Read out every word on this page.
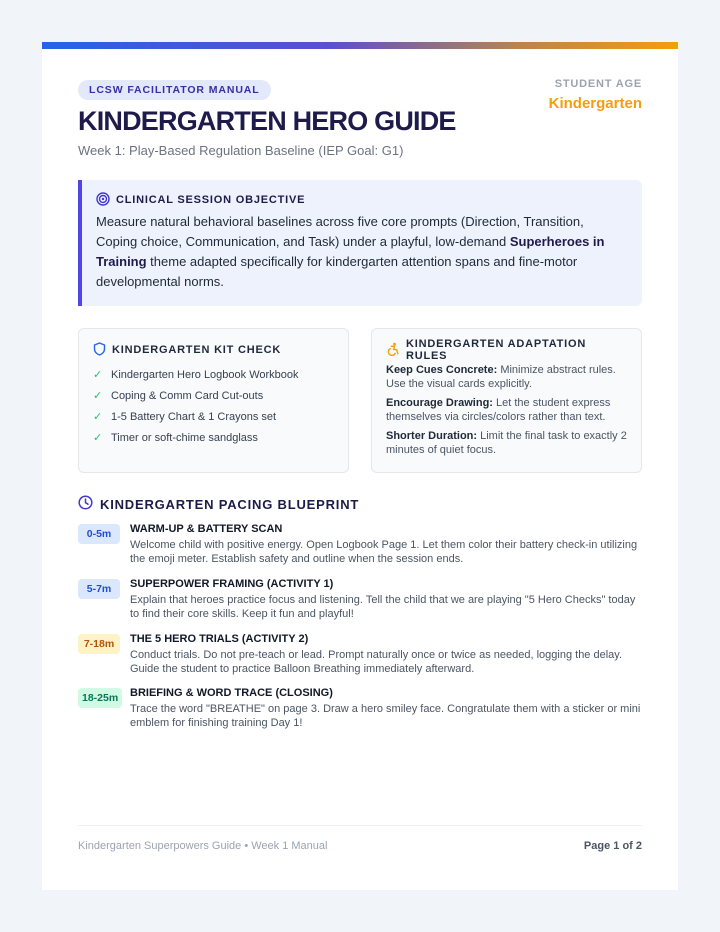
LCSW FACILITATOR MANUAL
KINDERGARTEN HERO GUIDE
Week 1: Play-Based Regulation Baseline (IEP Goal: G1)
STUDENT AGE
Kindergarten
CLINICAL SESSION OBJECTIVE
Measure natural behavioral baselines across five core prompts (Direction, Transition, Coping choice, Communication, and Task) under a playful, low-demand Superheroes in Training theme adapted specifically for kindergarten attention spans and fine-motor developmental norms.
KINDERGARTEN KIT CHECK
✓ Kindergarten Hero Logbook Workbook
✓ Coping & Comm Card Cut-outs
✓ 1-5 Battery Chart & 1 Crayons set
✓ Timer or soft-chime sandglass
KINDERGARTEN ADAPTATION RULES
Keep Cues Concrete: Minimize abstract rules. Use the visual cards explicitly.
Encourage Drawing: Let the student express themselves via circles/colors rather than text.
Shorter Duration: Limit the final task to exactly 2 minutes of quiet focus.
KINDERGARTEN PACING BLUEPRINT
0-5m	WARM-UP & BATTERY SCAN
Welcome child with positive energy. Open Logbook Page 1. Let them color their battery check-in utilizing the emoji meter. Establish safety and outline when the session ends.
5-7m	SUPERPOWER FRAMING (ACTIVITY 1)
Explain that heroes practice focus and listening. Tell the child that we are playing "5 Hero Checks" today to find their core skills. Keep it fun and playful!
7-18m	THE 5 HERO TRIALS (ACTIVITY 2)
Conduct trials. Do not pre-teach or lead. Prompt naturally once or twice as needed, logging the delay. Guide the student to practice Balloon Breathing immediately afterward.
18-25m	BRIEFING & WORD TRACE (CLOSING)
Trace the word "BREATHE" on page 3. Draw a hero smiley face. Congratulate them with a sticker or mini emblem for finishing training Day 1!
Kindergarten Superpowers Guide • Week 1 Manual	Page 1 of 2
